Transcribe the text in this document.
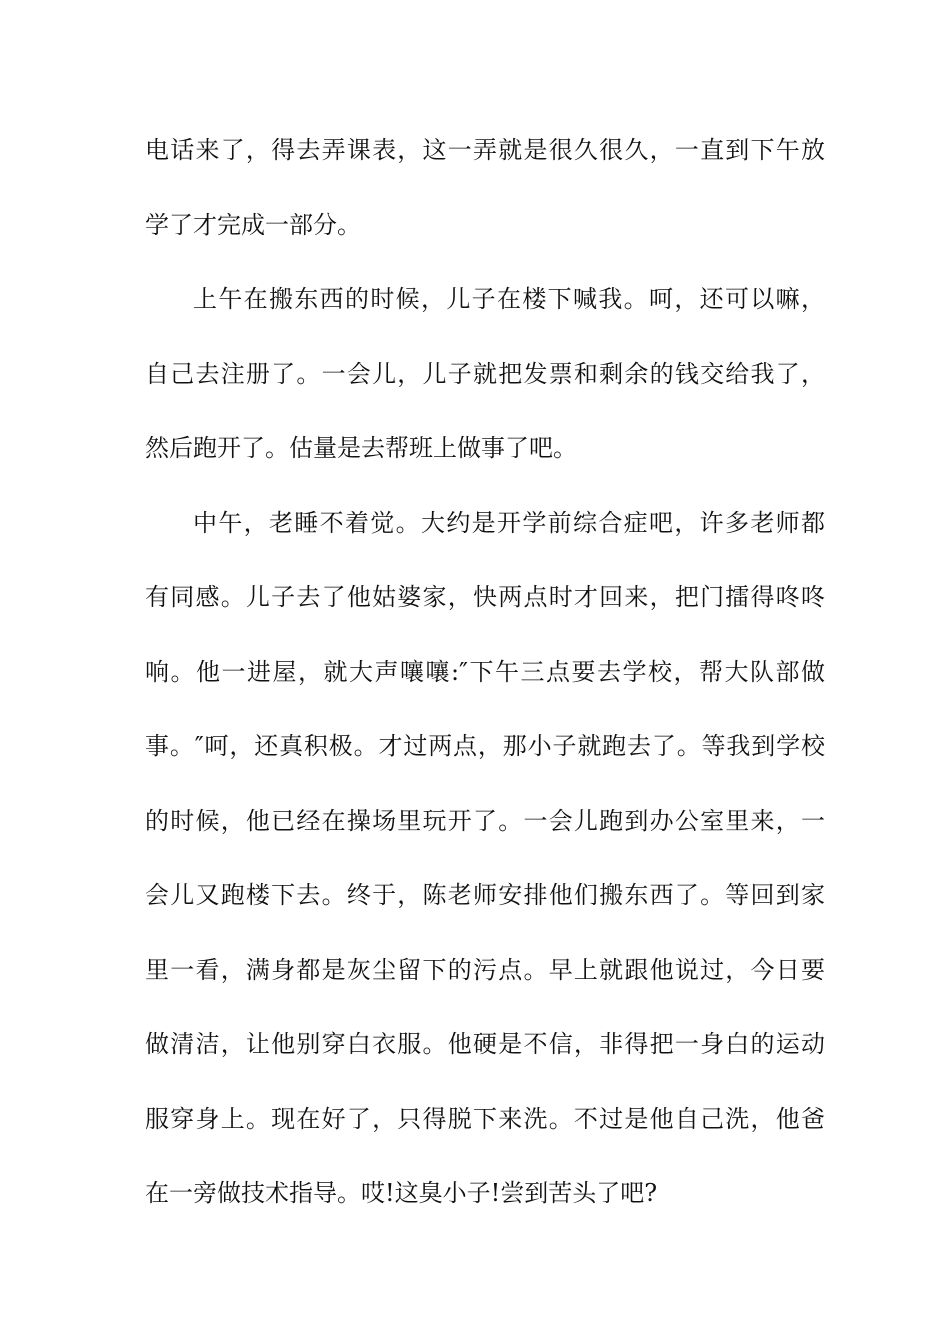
电话来了，得去弄课表，这一弄就是很久很久，一直到下午放
学了才完成一部分。
上午在搬东西的时候，儿子在楼下喊我。呵，还可以嘛，
自己去注册了。一会儿，儿子就把发票和剩余的钱交给我了，
然后跑开了。估量是去帮班上做事了吧。
中午，老睡不着觉。大约是开学前综合症吧，许多老师都
有同感。儿子去了他姑婆家，快两点时才回来，把门擂得咚咚
响。他一进屋，就大声嚷嚷:″下午三点要去学校，帮大队部做
事。″呵，还真积极。才过两点，那小子就跑去了。等我到学校
的时候，他已经在操场里玩开了。一会儿跑到办公室里来，一
会儿又跑楼下去。终于，陈老师安排他们搬东西了。等回到家
里一看，满身都是灰尘留下的污点。早上就跟他说过，今日要
做清洁，让他别穿白衣服。他硬是不信，非得把一身白的运动
服穿身上。现在好了，只得脱下来洗。不过是他自己洗，他爸
在一旁做技术指导。哎!这臭小子!尝到苦头了吧?
